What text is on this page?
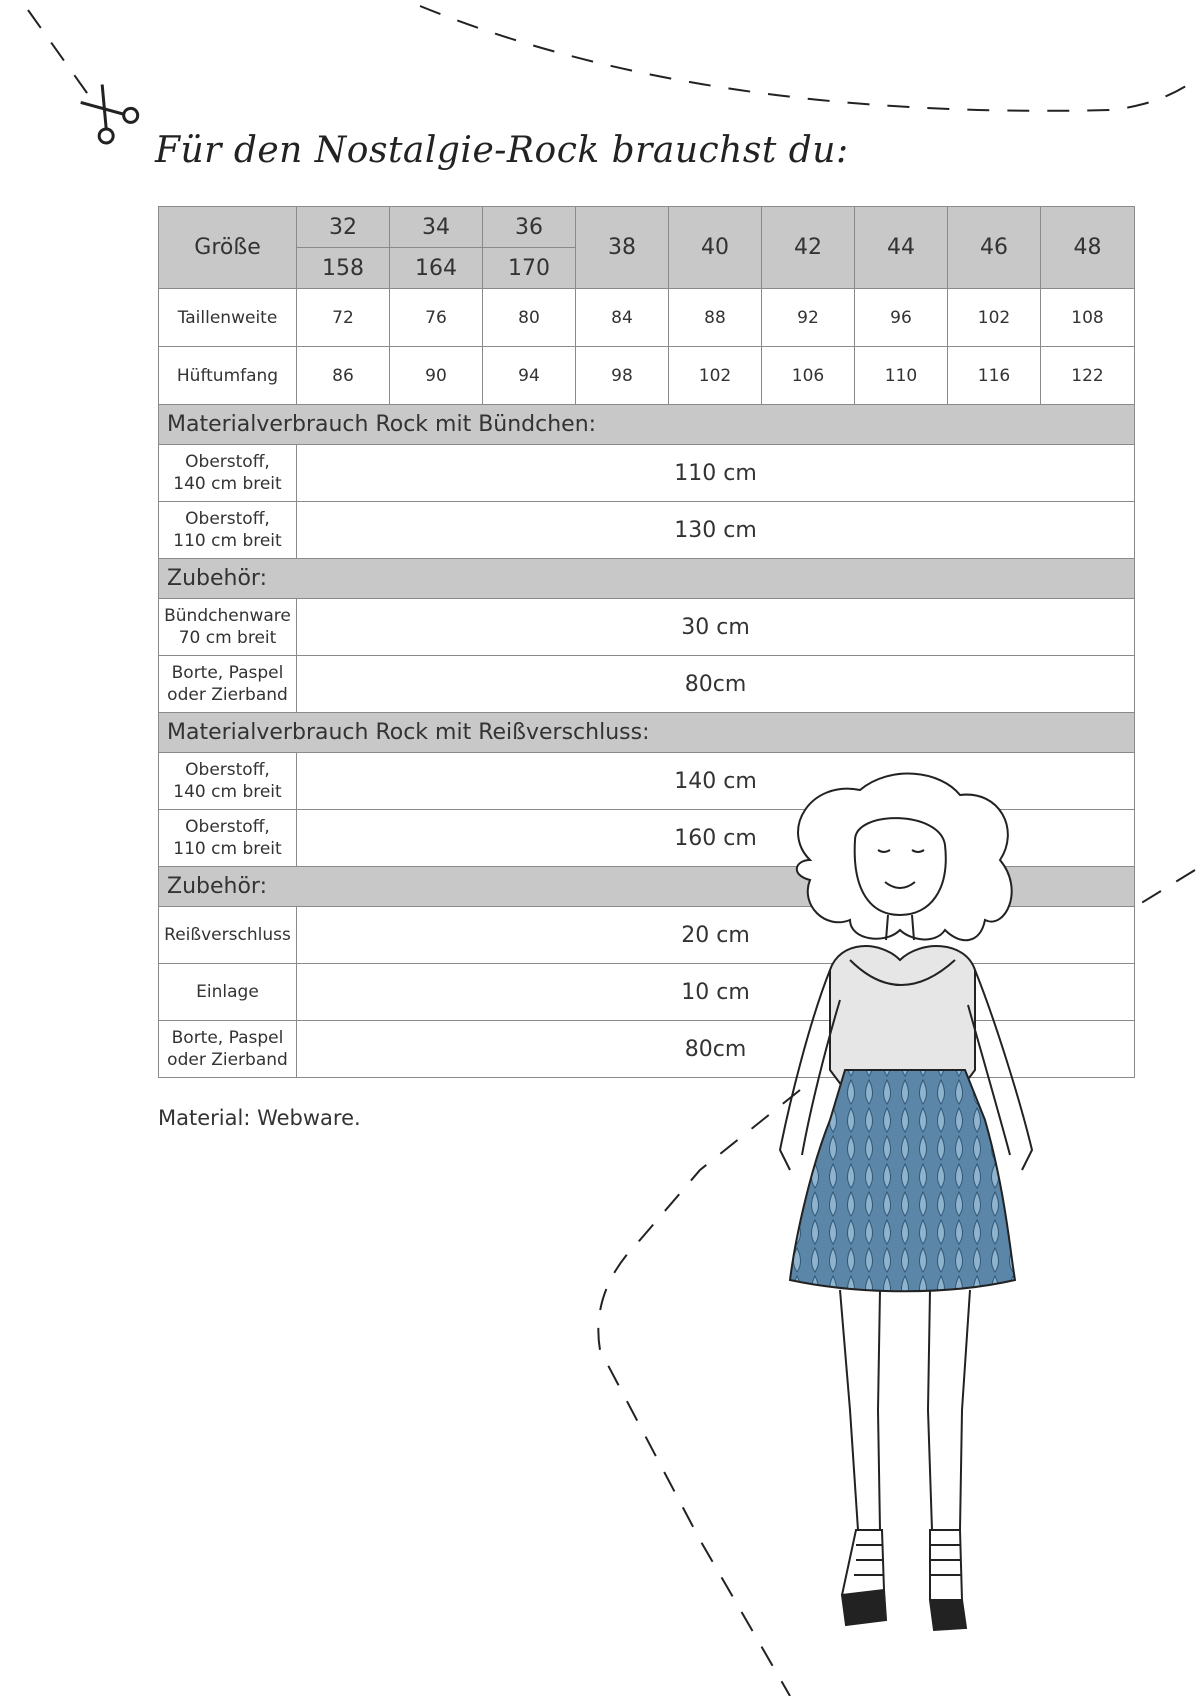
Für den Nostalgie-Rock brauchst du:
Größe	32	34	36	38	40	42	44	46	48
	158	164	170						
Taillenweite	72	76	80	84	88	92	96	102	108
Hüftumfang	86	90	94	98	102	106	110	116	122
Materialverbrauch Rock mit Bündchen:									

Oberstoff,
140 cm breit	110 cm								

Oberstoff,
110 cm breit	130 cm								
Zubehör:									

Bündchenware
70 cm breit	30 cm								

Borte, Paspel
oder Zierband	80cm								
Materialverbrauch Rock mit Reißverschluss:									

Oberstoff,
140 cm breit	140 cm								

Oberstoff,
110 cm breit	160 cm								
Zubehör:									

Reißverschluss	20 cm								

Einlage	10 cm								

Borte, Paspel
oder Zierband	80cm								
Material: Webware.
